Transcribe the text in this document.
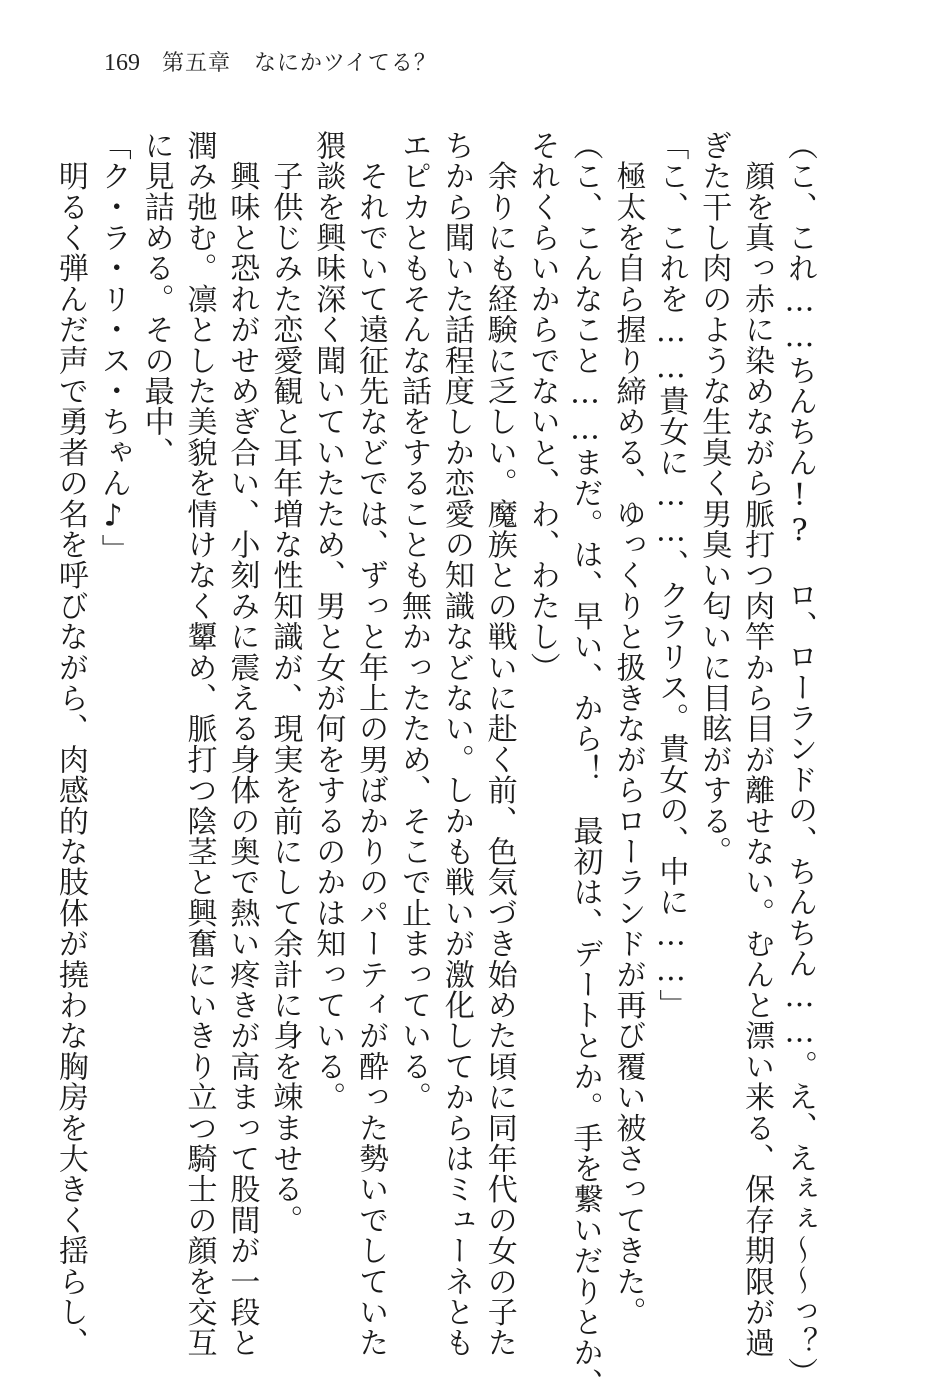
169 第五章　なにかツイてる？

（こ、これ……ちんちん!?　ロ、ローランドの、ちんちん……。え、えぇぇ〜〜っ？）

　顔を真っ赤に染めながら脈打つ肉竿から目が離せない。むんと漂い来る、保存期限が過

ぎた干し肉のような生臭く男臭い匂いに目眩がする。

「こ、これを……貴女に……、クラリス。貴女の、中に……」

　極太を自ら握り締める、ゆっくりと扱きながらローランドが再び覆い被さってきた。

（こ、こんなこと……まだ。は、早い、から！　最初は、デートとか。手を繋いだりとか、

それくらいからでないと、わ、わたし）

　余りにも経験に乏しい。魔族との戦いに赴く前、色気づき始めた頃に同年代の女の子た

ちから聞いた話程度しか恋愛の知識などない。しかも戦いが激化してからはミューネとも

エピカともそんな話をすることも無かったため、そこで止まっている。

　それでいて遠征先などでは、ずっと年上の男ばかりのパーティが酔った勢いでしていた

猥談を興味深く聞いていたため、男と女が何をするのかは知っている。

　子供じみた恋愛観と耳年増な性知識が、現実を前にして余計に身を竦ませる。

　興味と恐れがせめぎ合い、小刻みに震える身体の奥で熱い疼きが高まって股間が一段と

潤み弛む。凛とした美貌を情けなく顰め、脈打つ陰茎と興奮にいきり立つ騎士の顔を交互

に見詰める。その最中、

「ク・ラ・リ・ス・ちゃん♪」

　明るく弾んだ声で勇者の名を呼びながら、肉感的な肢体が撓わな胸房を大きく揺らし、
